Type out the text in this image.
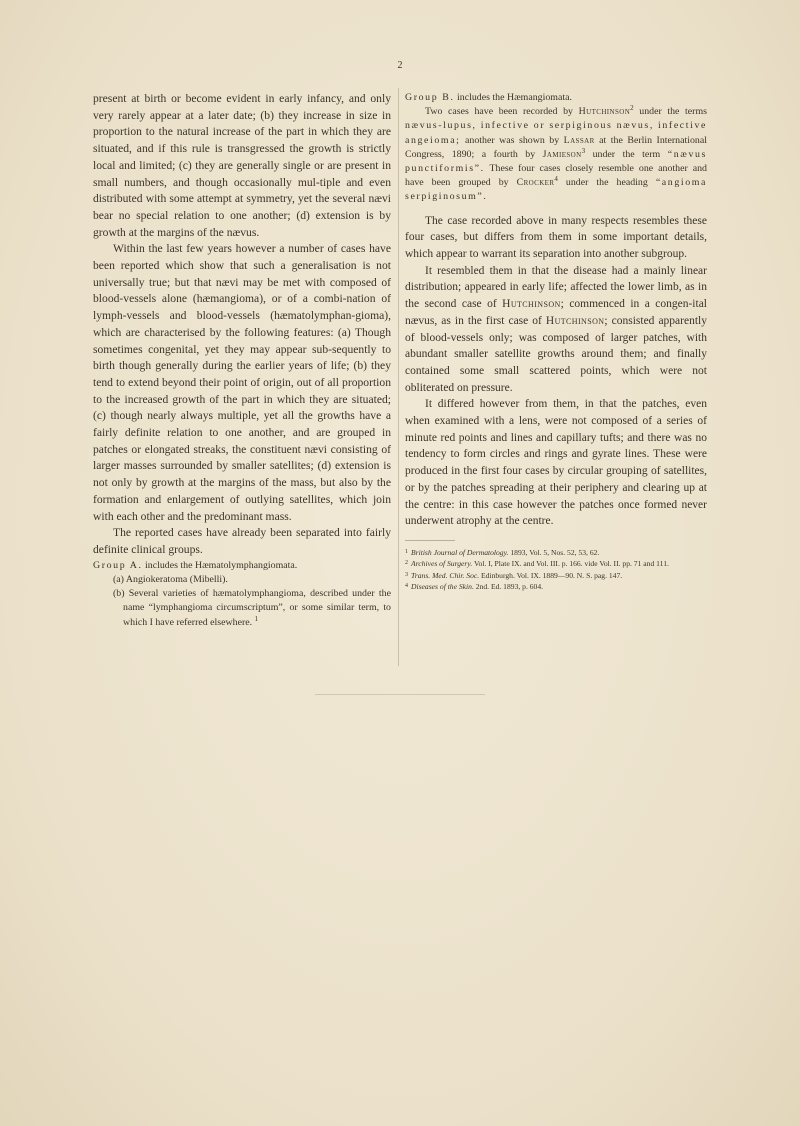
2

present at birth or become evident in early infancy, and only very rarely appear at a later date; (b) they increase in size in proportion to the natural increase of the part in which they are situated, and if this rule is transgressed the growth is strictly local and limited; (c) they are generally single or are present in small numbers, and though occasionally mul-tiple and even distributed with some attempt at symmetry, yet the several nævi bear no special relation to one another; (d) extension is by growth at the margins of the nævus.

Within the last few years however a number of cases have been reported which show that such a generalisation is not universally true; but that nævi may be met with composed of blood-vessels alone (hæmangioma), or of a combi-nation of lymph-vessels and blood-vessels (hæmatolymphan-gioma), which are characterised by the following features: (a) Though sometimes congenital, yet they may appear sub-sequently to birth though generally during the earlier years of life; (b) they tend to extend beyond their point of origin, out of all proportion to the increased growth of the part in which they are situated; (c) though nearly always multiple, yet all the growths have a fairly definite relation to one another, and are grouped in patches or elongated streaks, the constituent nævi consisting of larger masses surrounded by smaller satellites; (d) extension is not only by growth at the margins of the mass, but also by the formation and enlargement of outlying satellites, which join with each other and the predominant mass.

The reported cases have already been separated into fairly definite clinical groups.

Group A. includes the Hæmatolymphangiomata.

(a) Angiokeratoma (Mibelli).

(b) Several varieties of hæmatolymphangioma, described under the name “lymphangioma circumscriptum”, or some similar term, to which I have referred elsewhere. $^1$

Group B. includes the Hæmangiomata.

Two cases have been recorded by Hutchinson$^2$ under the terms nævus-lupus, infective or serpiginous nævus, infective angeioma; another was shown by Lassar at the Berlin International Congress, 1890; a fourth by Jamieson$^3$ under the term “nævus punctiformis”. These four cases closely resemble one another and have been grouped by Crocker$^4$ under the heading “angioma serpiginosum”.

The case recorded above in many respects resembles these four cases, but differs from them in some important details, which appear to warrant its separation into another subgroup.

It resembled them in that the disease had a mainly linear distribution; appeared in early life; affected the lower limb, as in the second case of Hutchinson; commenced in a congen-ital nævus, as in the first case of Hutchinson; consisted apparently of blood-vessels only; was composed of larger patches, with abundant smaller satellite growths around them; and finally contained some small scattered points, which were not obliterated on pressure.

It differed however from them, in that the patches, even when examined with a lens, were not composed of a series of minute red points and lines and capillary tufts; and there was no tendency to form circles and rings and gyrate lines. These were produced in the first four cases by circular grouping of satellites, or by the patches spreading at their periphery and clearing up at the centre: in this case however the patches once formed never underwent atrophy at the centre.

$^1$ British Journal of Dermatology. 1893, Vol. 5, Nos. 52, 53, 62.

$^2$ Archives of Surgery. Vol. I, Plate IX. and Vol. III. p. 166. vide Vol. II. pp. 71 and 111.

$^3$ Trans. Med. Chir. Soc. Edinburgh. Vol. IX. 1889—90. N. S. pag. 147.

$^4$ Diseases of the Skin. 2nd. Ed. 1893, p. 604.
